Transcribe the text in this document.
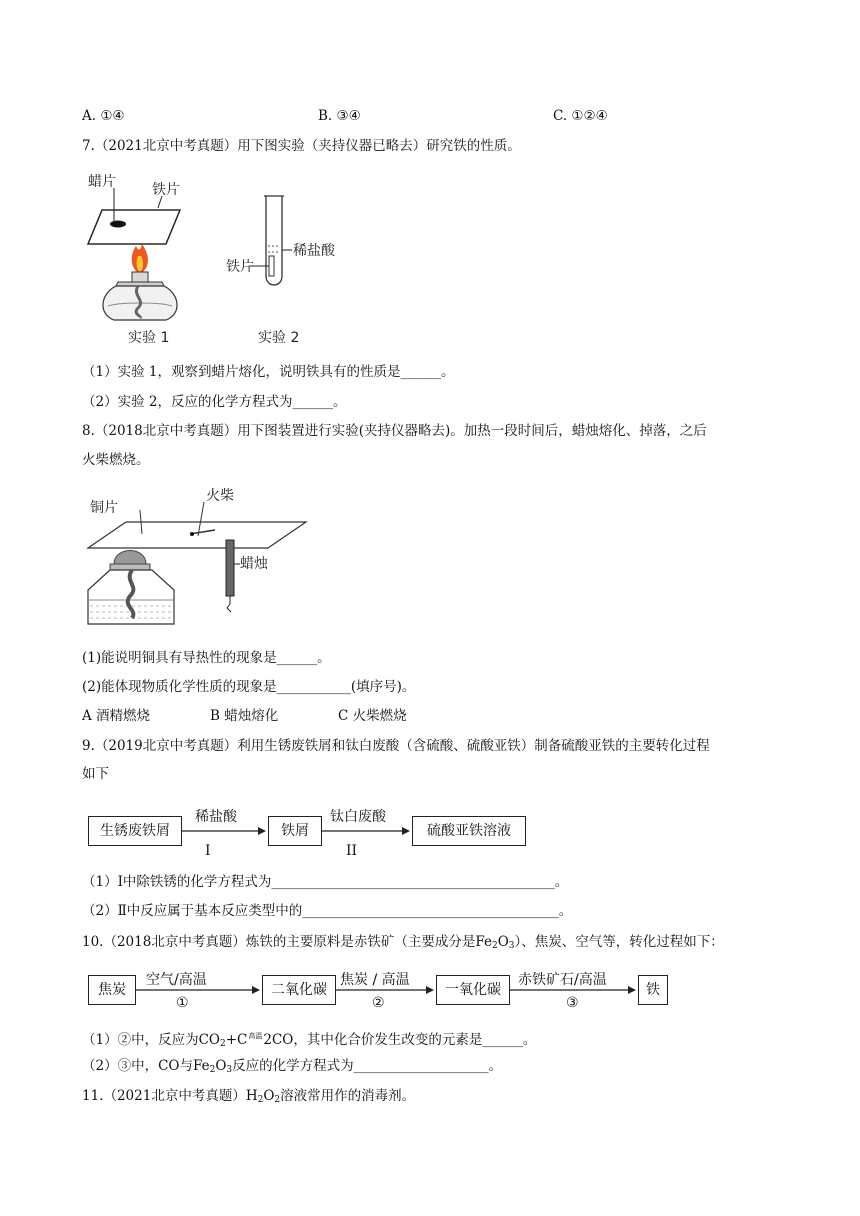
A. ①④	B. ③④	C. ①②④
7.（2021北京中考真题）用下图实验（夹持仪器已略去）研究铁的性质。
蜡片	铁片
实验 1
铁片
稀盐酸
实验 2
（1）实验 1，观察到蜡片熔化，说明铁具有的性质是______。
（2）实验 2，反应的化学方程式为______。
8.（2018北京中考真题）用下图装置进行实验(夹持仪器略去)。加热一段时间后，蜡烛熔化、掉落，之后
火柴燃烧。
铜片
火柴
蜡烛
(1)能说明铜具有导热性的现象是______。
(2)能体现物质化学性质的现象是___________(填序号)。
A 酒精燃烧	B 蜡烛熔化	C 火柴燃烧
9.（2019北京中考真题）利用生锈废铁屑和钛白废酸（含硫酸、硫酸亚铁）制备硫酸亚铁的主要转化过程
如下
生锈废铁屑
稀盐酸
I
铁屑
钛白废酸
II
硫酸亚铁溶液
（1）Ⅰ中除铁锈的化学方程式为__________________________________________。
（2）Ⅱ中反应属于基本反应类型中的______________________________________。
10.（2018北京中考真题）炼铁的主要原料是赤铁矿（主要成分是$Fe_2O_3$）、焦炭、空气等，转化过程如下：
焦炭
空气/高温
①
二氧化碳
焦炭 / 高温
②
一氧化碳
赤铁矿石/高温
③
铁
（1）②中，反应为$CO_2+C^{高温}2CO$，其中化合价发生改变的元素是______。
（2）③中，CO与$Fe_2O_3$反应的化学方程式为____________________。
11.（2021北京中考真题）$H_2O_2$溶液常用作的消毒剂。
